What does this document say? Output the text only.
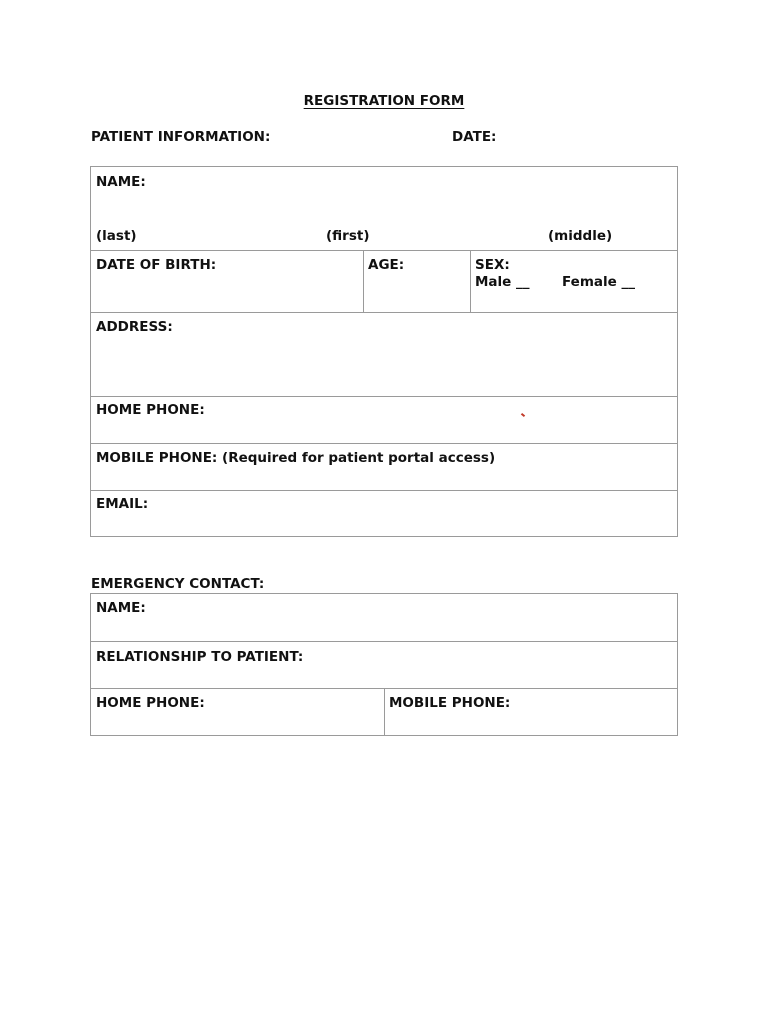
REGISTRATION FORM
PATIENT INFORMATION:	DATE:
NAME:
(last)	(first)	(middle)
DATE OF BIRTH:	AGE:	SEX:
Male __ Female __
ADDRESS:
HOME PHONE:
MOBILE PHONE: (Required for patient portal access)
EMAIL:
EMERGENCY CONTACT:
NAME:
RELATIONSHIP TO PATIENT:
HOME PHONE:	MOBILE PHONE:
